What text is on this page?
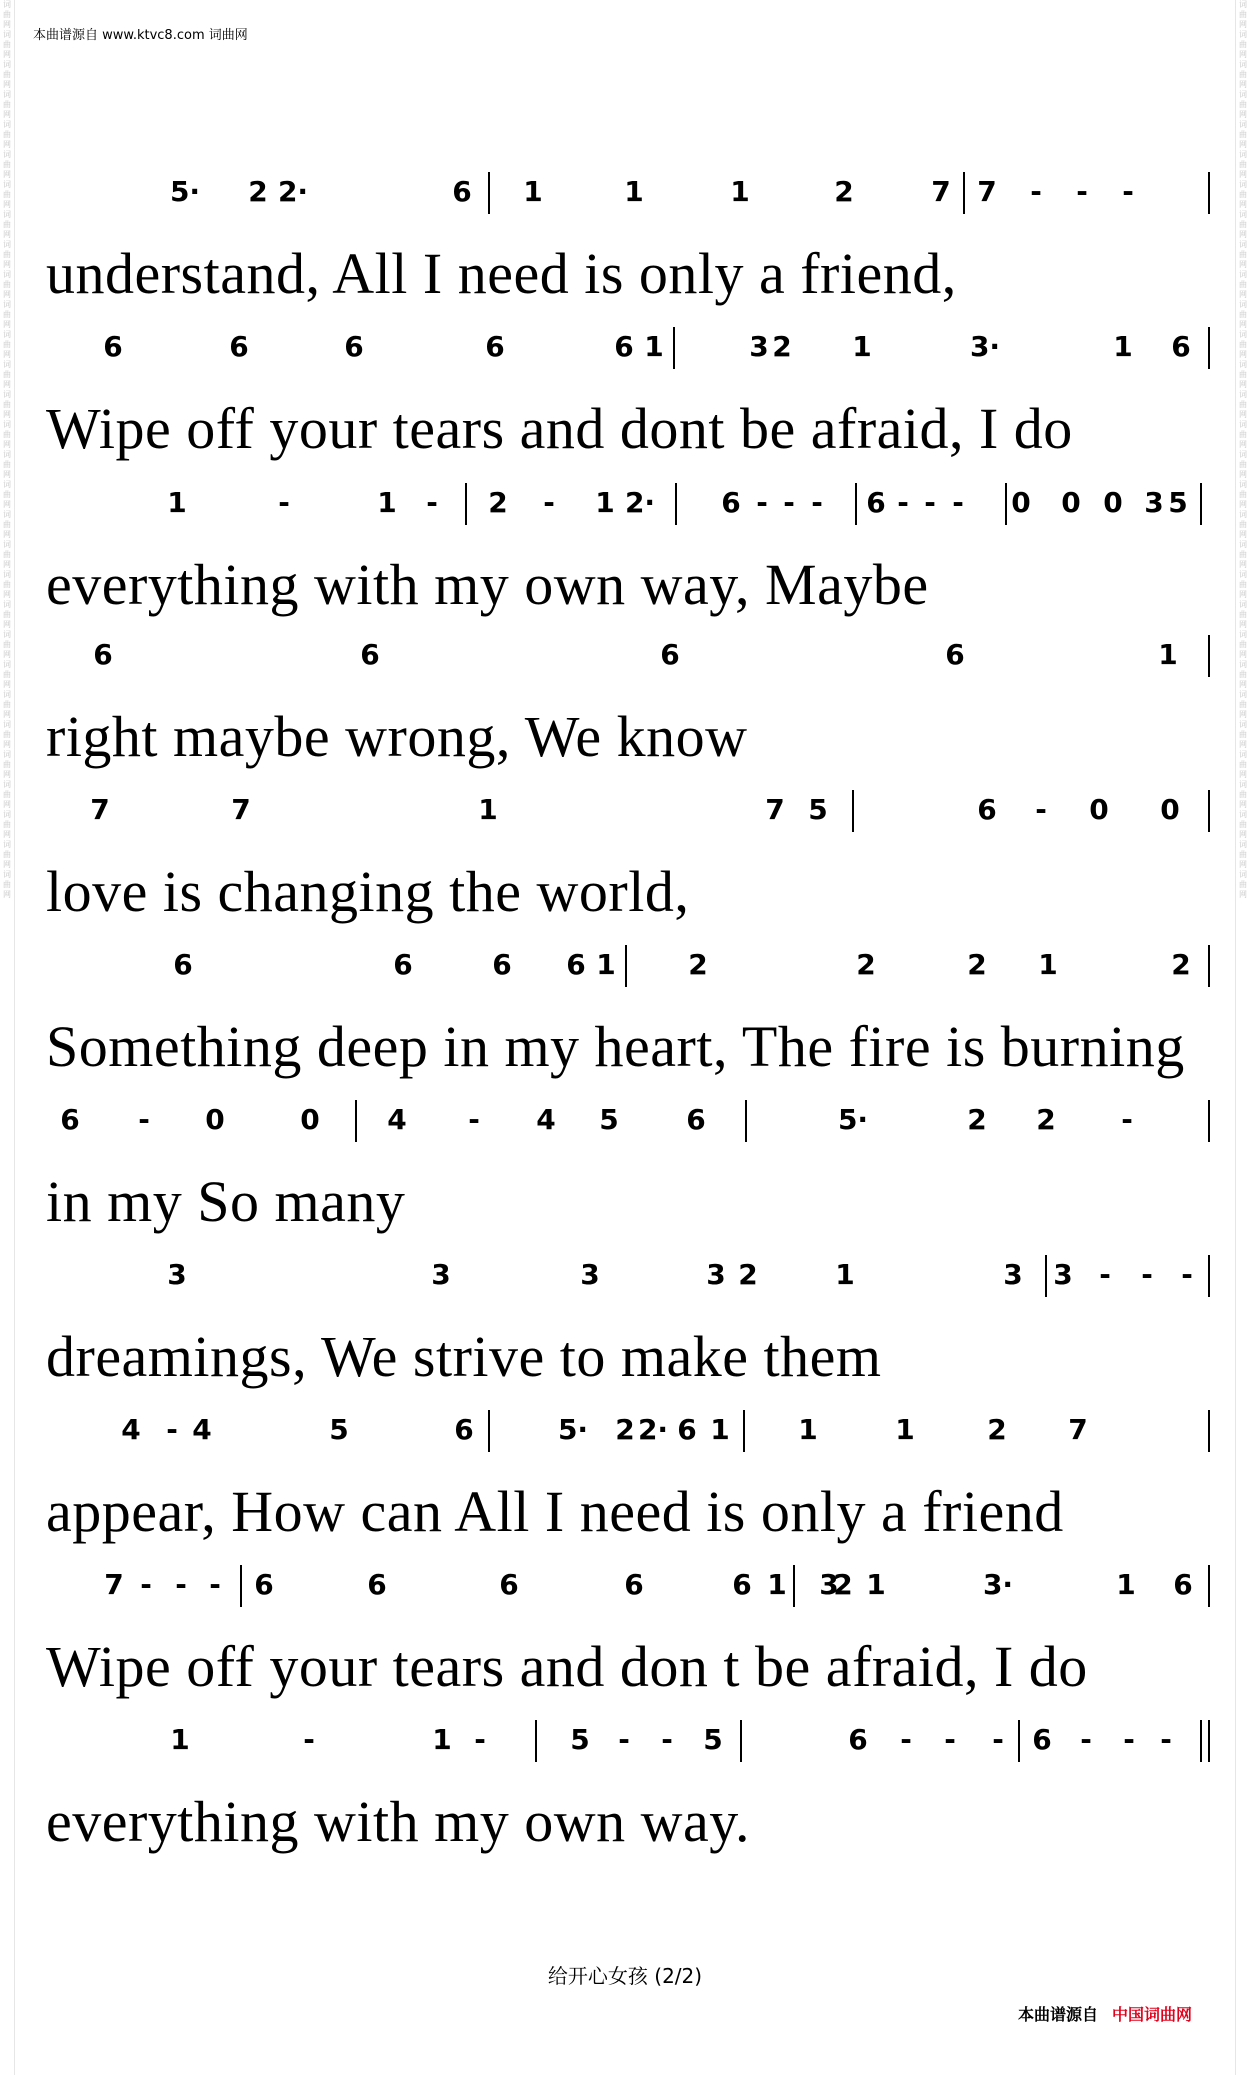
词曲网词曲网词曲网词曲网词曲网词曲网词曲网词曲网词曲网词曲网词曲网词曲网词曲网词曲网词曲网词曲网词曲网词曲网词曲网词曲网词曲网词曲网词曲网词曲网词曲网词曲网词曲网词曲网词曲网词曲网
词曲网词曲网词曲网词曲网词曲网词曲网词曲网词曲网词曲网词曲网词曲网词曲网词曲网词曲网词曲网词曲网词曲网词曲网词曲网词曲网词曲网词曲网词曲网词曲网词曲网词曲网词曲网词曲网词曲网词曲网
本曲谱源自 www.ktvc8.com 词曲网
5· 2 2·	6 1	1	1	2	7 7 - - -
understand, All I need is only a friend,
6	6	6	6	6 1	3 2 1	3·	1 6
Wipe off your tears and dont be afraid, I do
1	-	1 - 2 - 1 2· 6 - - - 6 - - - 0 0 0 3 5
everything with my own way, Maybe
6	6	6	6	1
right maybe wrong, We know
7	7	1	7 5	6 - 0 0
love is changing the world,
6	6	6 6 1	2	2	2 1	2
Something deep in my heart, The fire is burning
6 - 0	0 4 - 4 5 6	5·	2 2 -
in my So many
3	3	3	3 2	1	3 3 - - -
dreamings, We strive to make them
4 - 4	5	6	5· 2 2· 6 1 1	1	2 7
appear, How can All I need is only a friend
7 - - - 6	6	6	6	6 1 3
2 1	3·	1 6
Wipe off your tears and don t be afraid, I do
1	-	1 -	5 - - 5	6 - - - 6 - - -
everything with my own way.
给开心女孩 (2/2)
本曲谱源自 中国词曲网
